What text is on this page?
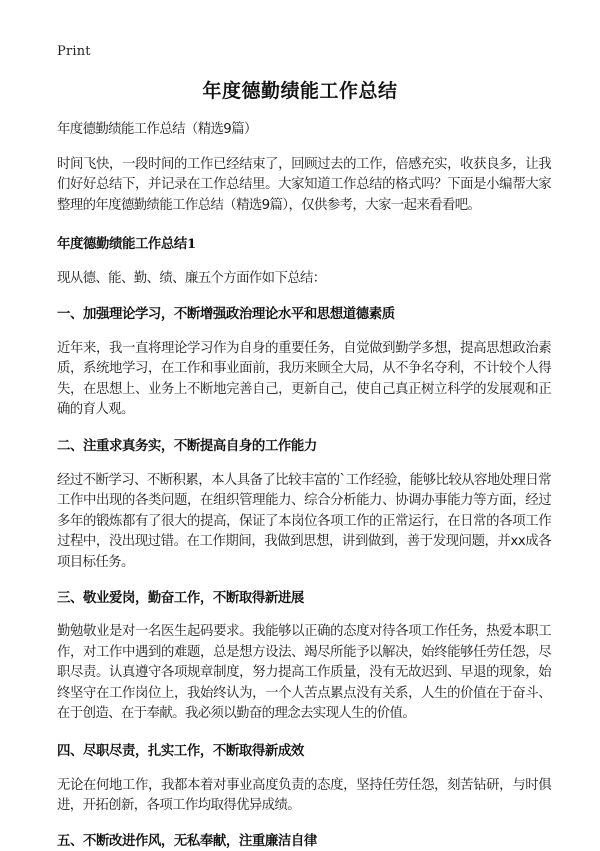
Print
年度德勤绩能工作总结

年度德勤绩能工作总结（精选9篇）

时间飞快，一段时间的工作已经结束了，回顾过去的工作，倍感充实，收获良多，让我们好好总结下，并记录在工作总结里。大家知道工作总结的格式吗？下面是小编帮大家整理的年度德勤绩能工作总结（精选9篇），仅供参考，大家一起来看看吧。

年度德勤绩能工作总结1

现从德、能、勤、绩、廉五个方面作如下总结：

一、加强理论学习，不断增强政治理论水平和思想道德素质

近年来，我一直将理论学习作为自身的重要任务，自觉做到勤学多想，提高思想政治素质，系统地学习，在工作和事业面前，我历来顾全大局，从不争名夺利，不计较个人得失，在思想上、业务上不断地完善自己，更新自己，使自己真正树立科学的发展观和正确的育人观。

二、注重求真务实，不断提高自身的工作能力

经过不断学习、不断积累，本人具备了比较丰富的`工作经验，能够比较从容地处理日常工作中出现的各类问题，在组织管理能力、综合分析能力、协调办事能力等方面，经过多年的锻炼都有了很大的提高，保证了本岗位各项工作的正常运行，在日常的各项工作过程中，没出现过错。在工作期间，我做到思想，讲到做到，善于发现问题，并xx成各项目标任务。

三、敬业爱岗，勤奋工作，不断取得新进展

勤勉敬业是对一名医生起码要求。我能够以正确的态度对待各项工作任务，热爱本职工作，对工作中遇到的难题，总是想方设法、竭尽所能予以解决，始终能够任劳任怨，尽职尽责。认真遵守各项规章制度，努力提高工作质量，没有无故迟到、早退的现象，始终坚守在工作岗位上，我始终认为，一个人苦点累点没有关系，人生的价值在于奋斗、在于创造、在于奉献。我必须以勤奋的理念去实现人生的价值。

四、尽职尽责，扎实工作，不断取得新成效

无论在何地工作，我都本着对事业高度负责的态度，坚持任劳任怨，刻苦钻研，与时俱进，开拓创新，各项工作均取得优异成绩。

五、不断改进作风，无私奉献，注重廉洁自律
